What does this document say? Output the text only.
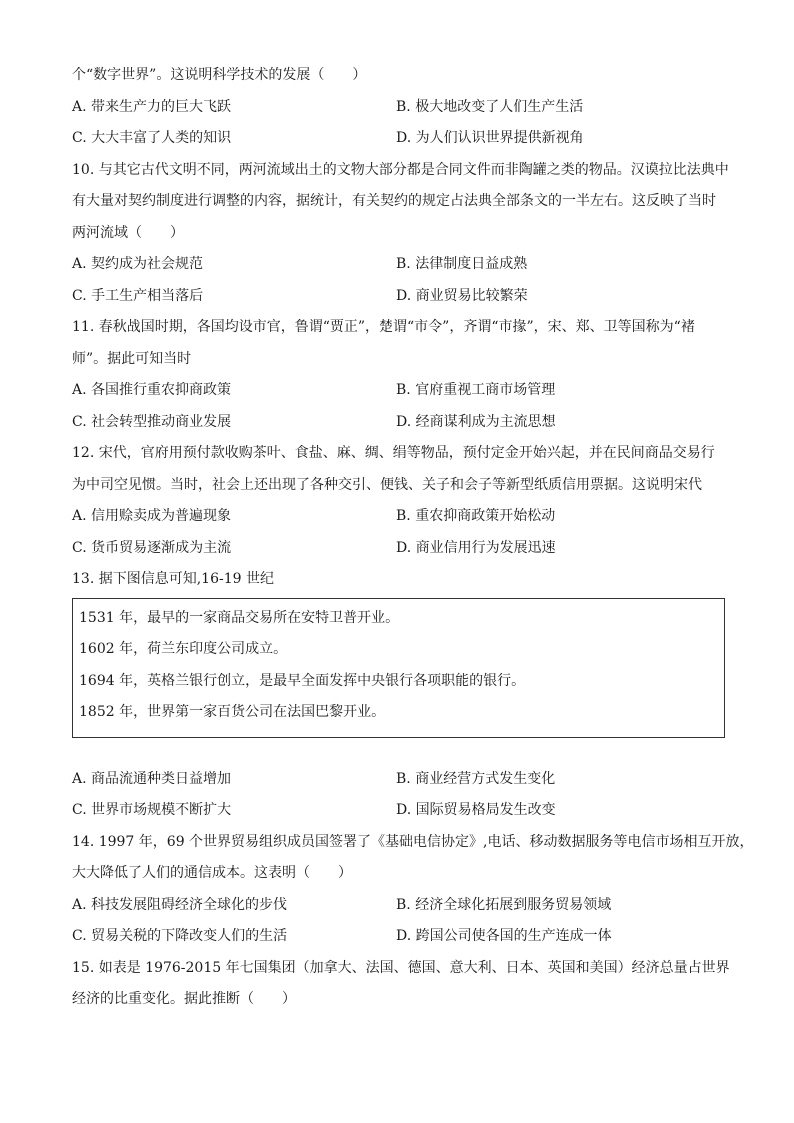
个“数字世界”。这说明科学技术的发展（　　）
A. 带来生产力的巨大飞跃	B. 极大地改变了人们生产生活
C. 大大丰富了人类的知识	D. 为人们认识世界提供新视角
10. 与其它古代文明不同，两河流域出土的文物大部分都是合同文件而非陶罐之类的物品。汉谟拉比法典中
有大量对契约制度进行调整的内容，据统计，有关契约的规定占法典全部条文的一半左右。这反映了当时
两河流域（　　）
A. 契约成为社会规范	B. 法律制度日益成熟
C. 手工生产相当落后	D. 商业贸易比较繁荣
11. 春秋战国时期，各国均设市官，鲁谓“贾正”，楚谓“市令”，齐谓“市掾”，宋、郑、卫等国称为“褚
师”。据此可知当时
A. 各国推行重农抑商政策	B. 官府重视工商市场管理
C. 社会转型推动商业发展	D. 经商谋利成为主流思想
12. 宋代，官府用预付款收购茶叶、食盐、麻、绸、绢等物品，预付定金开始兴起，并在民间商品交易行
为中司空见惯。当时，社会上还出现了各种交引、便钱、关子和会子等新型纸质信用票据。这说明宋代
A. 信用赊卖成为普遍现象	B. 重农抑商政策开始松动
C. 货币贸易逐渐成为主流	D. 商业信用行为发展迅速
13. 据下图信息可知,16-19 世纪
1531 年，最早的一家商品交易所在安特卫普开业。
1602 年，荷兰东印度公司成立。
1694 年，英格兰银行创立，是最早全面发挥中央银行各项职能的银行。
1852 年，世界第一家百货公司在法国巴黎开业。
A. 商品流通种类日益增加	B. 商业经营方式发生变化
C. 世界市场规模不断扩大	D. 国际贸易格局发生改变
14. 1997 年，69 个世界贸易组织成员国签署了《基础电信协定》,电话、移动数据服务等电信市场相互开放，
大大降低了人们的通信成本。这表明（　　）
A. 科技发展阻碍经济全球化的步伐	B. 经济全球化拓展到服务贸易领域
C. 贸易关税的下降改变人们的生活	D. 跨国公司使各国的生产连成一体
15. 如表是 1976-2015 年七国集团（加拿大、法国、德国、意大利、日本、英国和美国）经济总量占世界
经济的比重变化。据此推断（　　）
